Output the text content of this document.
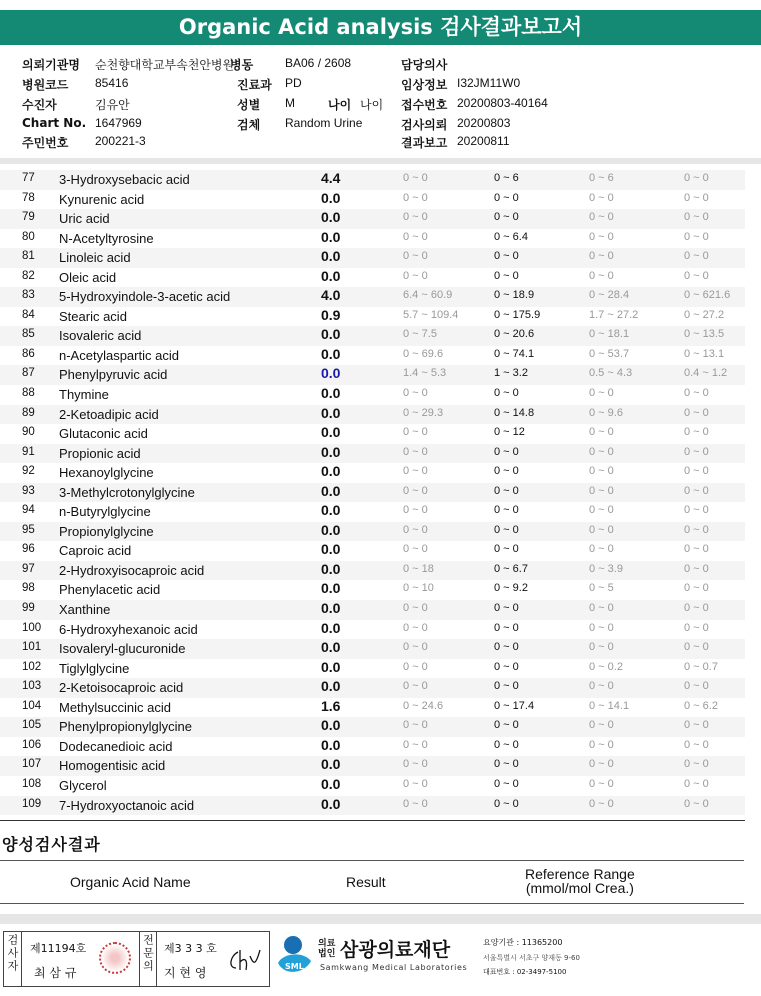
Organic Acid analysis 검사결과보고서
의뢰기관명 순천향대학교부속천안병원
병동	BA06 / 2608	담당의사
병원코드 85416	진료과 PD	임상정보 I32JM11W0
수진자	김유안	성별 M	나이 나이 접수번호 20200803-40164
Chart No. 1647969	검체 Random Urine	검사의뢰 20200803
주민번호 200221-3	결과보고 20200811
77 3-Hydroxysebacic acid	4.4	0 ~ 0	0 ~ 6	0 ~ 6	0 ~ 0
78 Kynurenic acid	0.0	0 ~ 0	0 ~ 0	0 ~ 0	0 ~ 0
79 Uric acid	0.0	0 ~ 0	0 ~ 0	0 ~ 0	0 ~ 0
80 N-Acetyltyrosine	0.0	0 ~ 0	0 ~ 6.4	0 ~ 0	0 ~ 0
81 Linoleic acid	0.0	0 ~ 0	0 ~ 0	0 ~ 0	0 ~ 0
82 Oleic acid	0.0	0 ~ 0	0 ~ 0	0 ~ 0	0 ~ 0
83 5-Hydroxyindole-3-acetic acid	4.0	6.4 ~ 60.9	0 ~ 18.9	0 ~ 28.4	0 ~ 621.6
84 Stearic acid	0.9	5.7 ~ 109.4	0 ~ 175.9	1.7 ~ 27.2	0 ~ 27.2
85 Isovaleric acid	0.0	0 ~ 7.5	0 ~ 20.6	0 ~ 18.1	0 ~ 13.5
86 n-Acetylaspartic acid	0.0	0 ~ 69.6	0 ~ 74.1	0 ~ 53.7	0 ~ 13.1
87 Phenylpyruvic acid	0.0	1.4 ~ 5.3	1 ~ 3.2	0.5 ~ 4.3	0.4 ~ 1.2
88 Thymine	0.0	0 ~ 0	0 ~ 0	0 ~ 0	0 ~ 0
89 2-Ketoadipic acid	0.0	0 ~ 29.3	0 ~ 14.8	0 ~ 9.6	0 ~ 0
90 Glutaconic acid	0.0	0 ~ 0	0 ~ 12	0 ~ 0	0 ~ 0
91 Propionic acid	0.0	0 ~ 0	0 ~ 0	0 ~ 0	0 ~ 0
92 Hexanoylglycine	0.0	0 ~ 0	0 ~ 0	0 ~ 0	0 ~ 0
93 3-Methylcrotonylglycine	0.0	0 ~ 0	0 ~ 0	0 ~ 0	0 ~ 0
94 n-Butyrylglycine	0.0	0 ~ 0	0 ~ 0	0 ~ 0	0 ~ 0
95 Propionylglycine	0.0	0 ~ 0	0 ~ 0	0 ~ 0	0 ~ 0
96 Caproic acid	0.0	0 ~ 0	0 ~ 0	0 ~ 0	0 ~ 0
97 2-Hydroxyisocaproic acid	0.0	0 ~ 18	0 ~ 6.7	0 ~ 3.9	0 ~ 0
98 Phenylacetic acid	0.0	0 ~ 10	0 ~ 9.2	0 ~ 5	0 ~ 0
99 Xanthine	0.0	0 ~ 0	0 ~ 0	0 ~ 0	0 ~ 0
100 6-Hydroxyhexanoic acid	0.0	0 ~ 0	0 ~ 0	0 ~ 0	0 ~ 0
101 Isovaleryl-glucuronide	0.0	0 ~ 0	0 ~ 0	0 ~ 0	0 ~ 0
102 Tiglylglycine	0.0	0 ~ 0	0 ~ 0	0 ~ 0.2	0 ~ 0.7
103 2-Ketoisocaproic acid	0.0	0 ~ 0	0 ~ 0	0 ~ 0	0 ~ 0
104 Methylsuccinic acid	1.6	0 ~ 24.6	0 ~ 17.4	0 ~ 14.1	0 ~ 6.2
105 Phenylpropionylglycine	0.0	0 ~ 0	0 ~ 0	0 ~ 0	0 ~ 0
106 Dodecanedioic acid	0.0	0 ~ 0	0 ~ 0	0 ~ 0	0 ~ 0
107 Homogentisic acid	0.0	0 ~ 0	0 ~ 0	0 ~ 0	0 ~ 0
108 Glycerol	0.0	0 ~ 0	0 ~ 0	0 ~ 0	0 ~ 0
109 7-Hydroxyoctanoic acid	0.0	0 ~ 0	0 ~ 0	0 ~ 0	0 ~ 0
양성검사결과
Organic Acid Name	Result	Reference Range
(mmol/mol Crea.)
검사자 제11194호
최 삼 규	전문의 제3 3 3 호
지 현 영	SML
의료
법인 삼광의료재단
Samkwang Medical Laboratories
요양기관 : 11365200
서울특별시 서초구 양재동 9-60
대표번호 : 02-3497-5100
